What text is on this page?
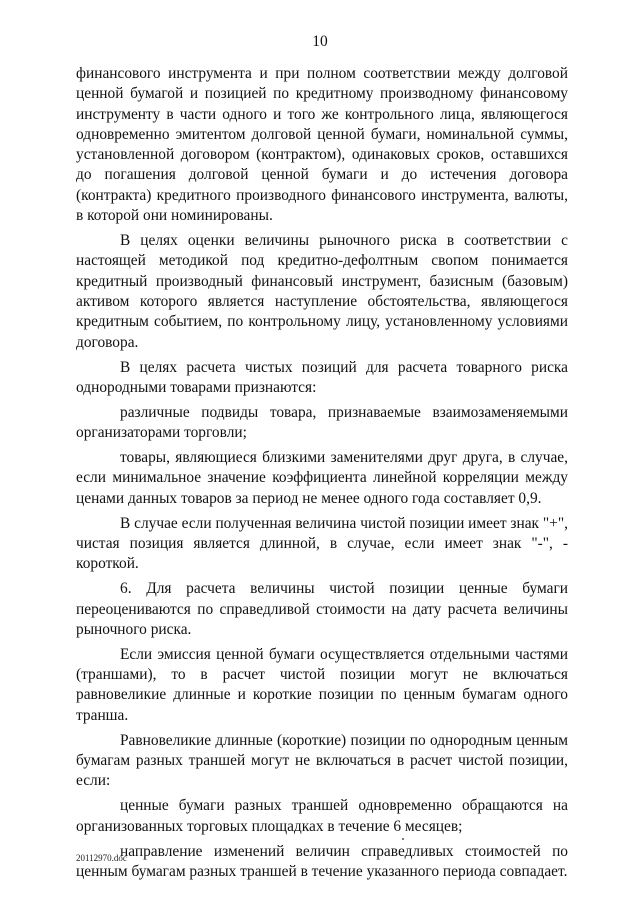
10

финансового инструмента и при полном соответствии между долговой ценной бумагой и позицией по кредитному производному финансовому инструменту в части одного и того же контрольного лица, являющегося одновременно эмитентом долговой ценной бумаги, номинальной суммы, установленной договором (контрактом), одинаковых сроков, оставшихся до погашения долговой ценной бумаги и до истечения договора (контракта) кредитного производного финансового инструмента, валюты, в которой они номинированы.

В целях оценки величины рыночного риска в соответствии с настоящей методикой под кредитно-дефолтным свопом понимается кредитный производный финансовый инструмент, базисным (базовым) активом которого является наступление обстоятельства, являющегося кредитным событием, по контрольному лицу, установленному условиями договора.

В целях расчета чистых позиций для расчета товарного риска однородными товарами признаются:

различные подвиды товара, признаваемые взаимозаменяемыми организаторами торговли;

товары, являющиеся близкими заменителями друг друга, в случае, если минимальное значение коэффициента линейной корреляции между ценами данных товаров за период не менее одного года составляет 0,9.

В случае если полученная величина чистой позиции имеет знак "+", чистая позиция является длинной, в случае, если имеет знак "-", - короткой.

6. Для расчета величины чистой позиции ценные бумаги переоцениваются по справедливой стоимости на дату расчета величины рыночного риска.

Если эмиссия ценной бумаги осуществляется отдельными частями (траншами), то в расчет чистой позиции могут не включаться равновеликие длинные и короткие позиции по ценным бумагам одного транша.

Равновеликие длинные (короткие) позиции по однородным ценным бумагам разных траншей могут не включаться в расчет чистой позиции, если:

ценные бумаги разных траншей одновременно обращаются на организованных торговых площадках в течение 6 месяцев;

направление изменений величин справедливых стоимостей по ценным бумагам разных траншей в течение указанного периода совпадает.

20112970.doc
